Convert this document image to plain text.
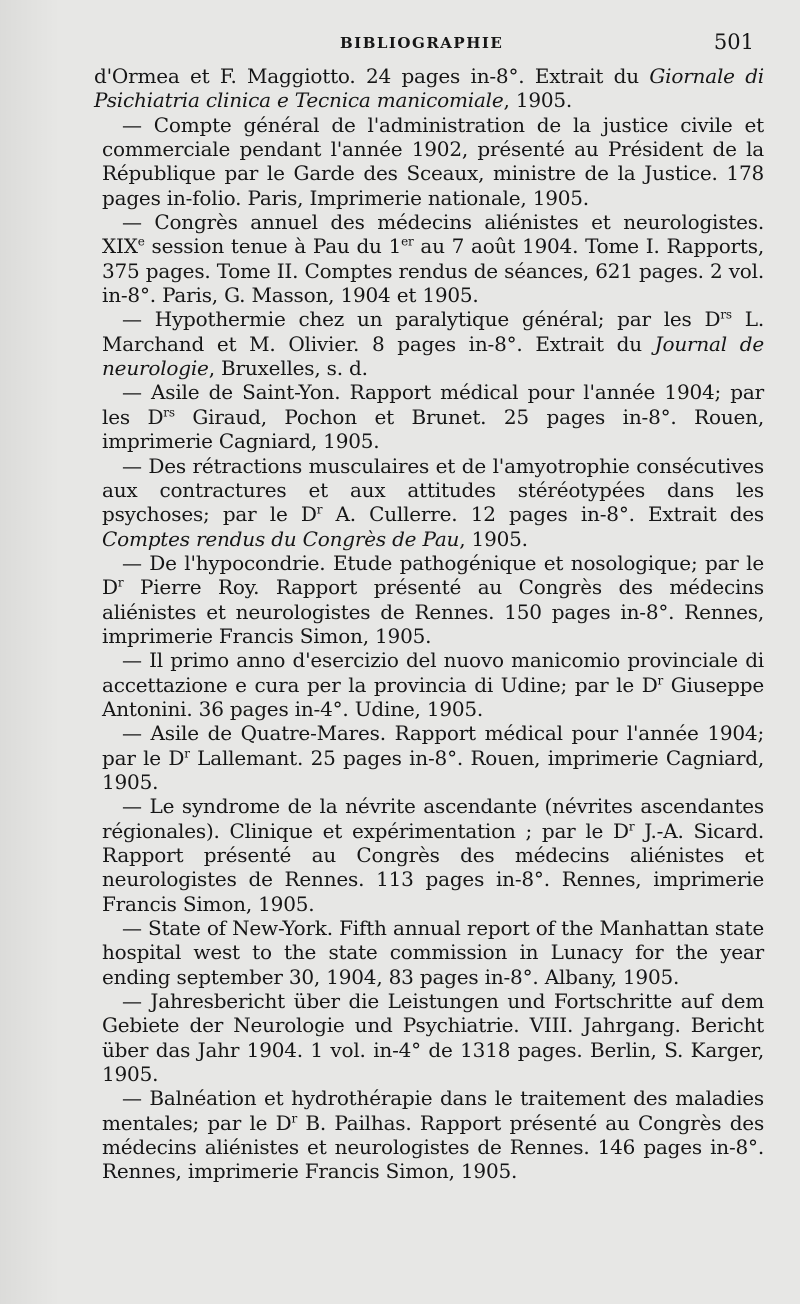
BIBLIOGRAPHIE	501

d'Ormea et F. Maggiotto. 24 pages in-8°. Extrait du Giornale di Psichiatria clinica e Tecnica manicomiale, 1905.

— Compte général de l'administration de la justice civile et commerciale pendant l'année 1902, présenté au Président de la République par le Garde des Sceaux, ministre de la Justice. 178 pages in-folio. Paris, Imprimerie nationale, 1905.

— Congrès annuel des médecins aliénistes et neurologistes. XIXe session tenue à Pau du 1er au 7 août 1904. Tome I. Rapports, 375 pages. Tome II. Comptes rendus de séances, 621 pages. 2 vol. in-8°. Paris, G. Masson, 1904 et 1905.

— Hypothermie chez un paralytique général; par les $D^{rs}$ L. Marchand et M. Olivier. 8 pages in-8°. Extrait du Journal de neurologie, Bruxelles, s. d.

— Asile de Saint-Yon. Rapport médical pour l'année 1904; par les $D^{rs}$ Giraud, Pochon et Brunet. 25 pages in-8°. Rouen, imprimerie Cagniard, 1905.

— Des rétractions musculaires et de l'amyotrophie consécutives aux contractures et aux attitudes stéréotypées dans les psychoses; par le $D^r$ A. Cullerre. 12 pages in-8°. Extrait des Comptes rendus du Congrès de Pau, 1905.

— De l'hypocondrie. Etude pathogénique et nosologique; par le $D^r$ Pierre Roy. Rapport présenté au Congrès des médecins aliénistes et neurologistes de Rennes. 150 pages in-8°. Rennes, imprimerie Francis Simon, 1905.

— Il primo anno d'esercizio del nuovo manicomio provinciale di accettazione e cura per la provincia di Udine; par le $D^r$ Giuseppe Antonini. 36 pages in-4°. Udine, 1905.

— Asile de Quatre-Mares. Rapport médical pour l'année 1904; par le $D^r$ Lallemant. 25 pages in-8°. Rouen, imprimerie Cagniard, 1905.

— Le syndrome de la névrite ascendante (névrites ascendantes régionales). Clinique et expérimentation ; par le $D^r$ J.-A. Sicard. Rapport présenté au Congrès des médecins aliénistes et neurologistes de Rennes. 113 pages in-8°. Rennes, imprimerie Francis Simon, 1905.

— State of New-York. Fifth annual report of the Manhattan state hospital west to the state commission in Lunacy for the year ending september 30, 1904, 83 pages in-8°. Albany, 1905.

— Jahresbericht über die Leistungen und Fortschritte auf dem Gebiete der Neurologie und Psychiatrie. VIII. Jahrgang. Bericht über das Jahr 1904. 1 vol. in-4° de 1318 pages. Berlin, S. Karger, 1905.

— Balnéation et hydrothérapie dans le traitement des maladies mentales; par le $D^r$ B. Pailhas. Rapport présenté au Congrès des médecins aliénistes et neurologistes de Rennes. 146 pages in-8°. Rennes, imprimerie Francis Simon, 1905.
